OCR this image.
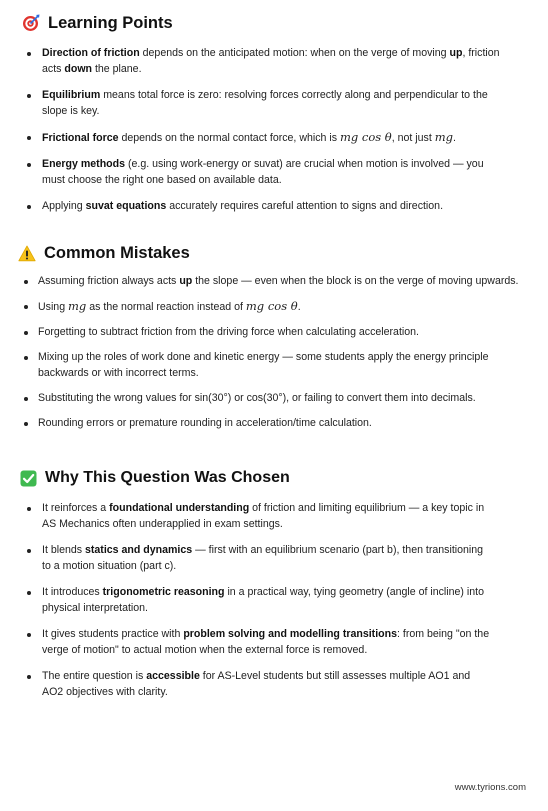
Learning Points
Direction of friction depends on the anticipated motion: when on the verge of moving up, friction acts down the plane.
Equilibrium means total force is zero: resolving forces correctly along and perpendicular to the slope is key.
Frictional force depends on the normal contact force, which is mg cos θ, not just mg.
Energy methods (e.g. using work-energy or suvat) are crucial when motion is involved — you must choose the right one based on available data.
Applying suvat equations accurately requires careful attention to signs and direction.
Common Mistakes
Assuming friction always acts up the slope — even when the block is on the verge of moving upwards.
Using mg as the normal reaction instead of mg cos θ.
Forgetting to subtract friction from the driving force when calculating acceleration.
Mixing up the roles of work done and kinetic energy — some students apply the energy principle backwards or with incorrect terms.
Substituting the wrong values for sin(30°) or cos(30°), or failing to convert them into decimals.
Rounding errors or premature rounding in acceleration/time calculation.
Why This Question Was Chosen
It reinforces a foundational understanding of friction and limiting equilibrium — a key topic in AS Mechanics often underapplied in exam settings.
It blends statics and dynamics — first with an equilibrium scenario (part b), then transitioning to a motion situation (part c).
It introduces trigonometric reasoning in a practical way, tying geometry (angle of incline) into physical interpretation.
It gives students practice with problem solving and modelling transitions: from being "on the verge of motion" to actual motion when the external force is removed.
The entire question is accessible for AS-Level students but still assesses multiple AO1 and AO2 objectives with clarity.
www.tyrions.com
